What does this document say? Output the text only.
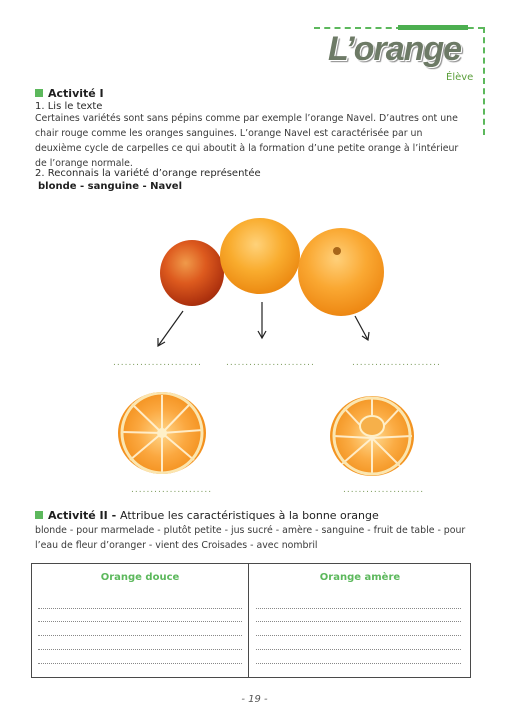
L’orange
Élève
Activité I
1. Lis le texte

Certaines variétés sont sans pépins comme par exemple l’orange Navel. D’autres ont une chair rouge comme les oranges sanguines. L’orange Navel est caractérisée par un deuxième cycle de carpelles ce qui aboutit à la formation d’une petite orange à l’intérieur de l’orange normale.

2. Reconnais la variété d’orange représentée
blonde - sanguine - Navel
.......................	.......................	.......................
.....................	.....................
Activité II - Attribue les caractéristiques à la bonne orange

blonde - pour marmelade - plutôt petite - jus sucré - amère - sanguine - fruit de table - pour l’eau de fleur d’oranger - vient des Croisades - avec nombril

Orange douce	Orange amère
- 19 -
